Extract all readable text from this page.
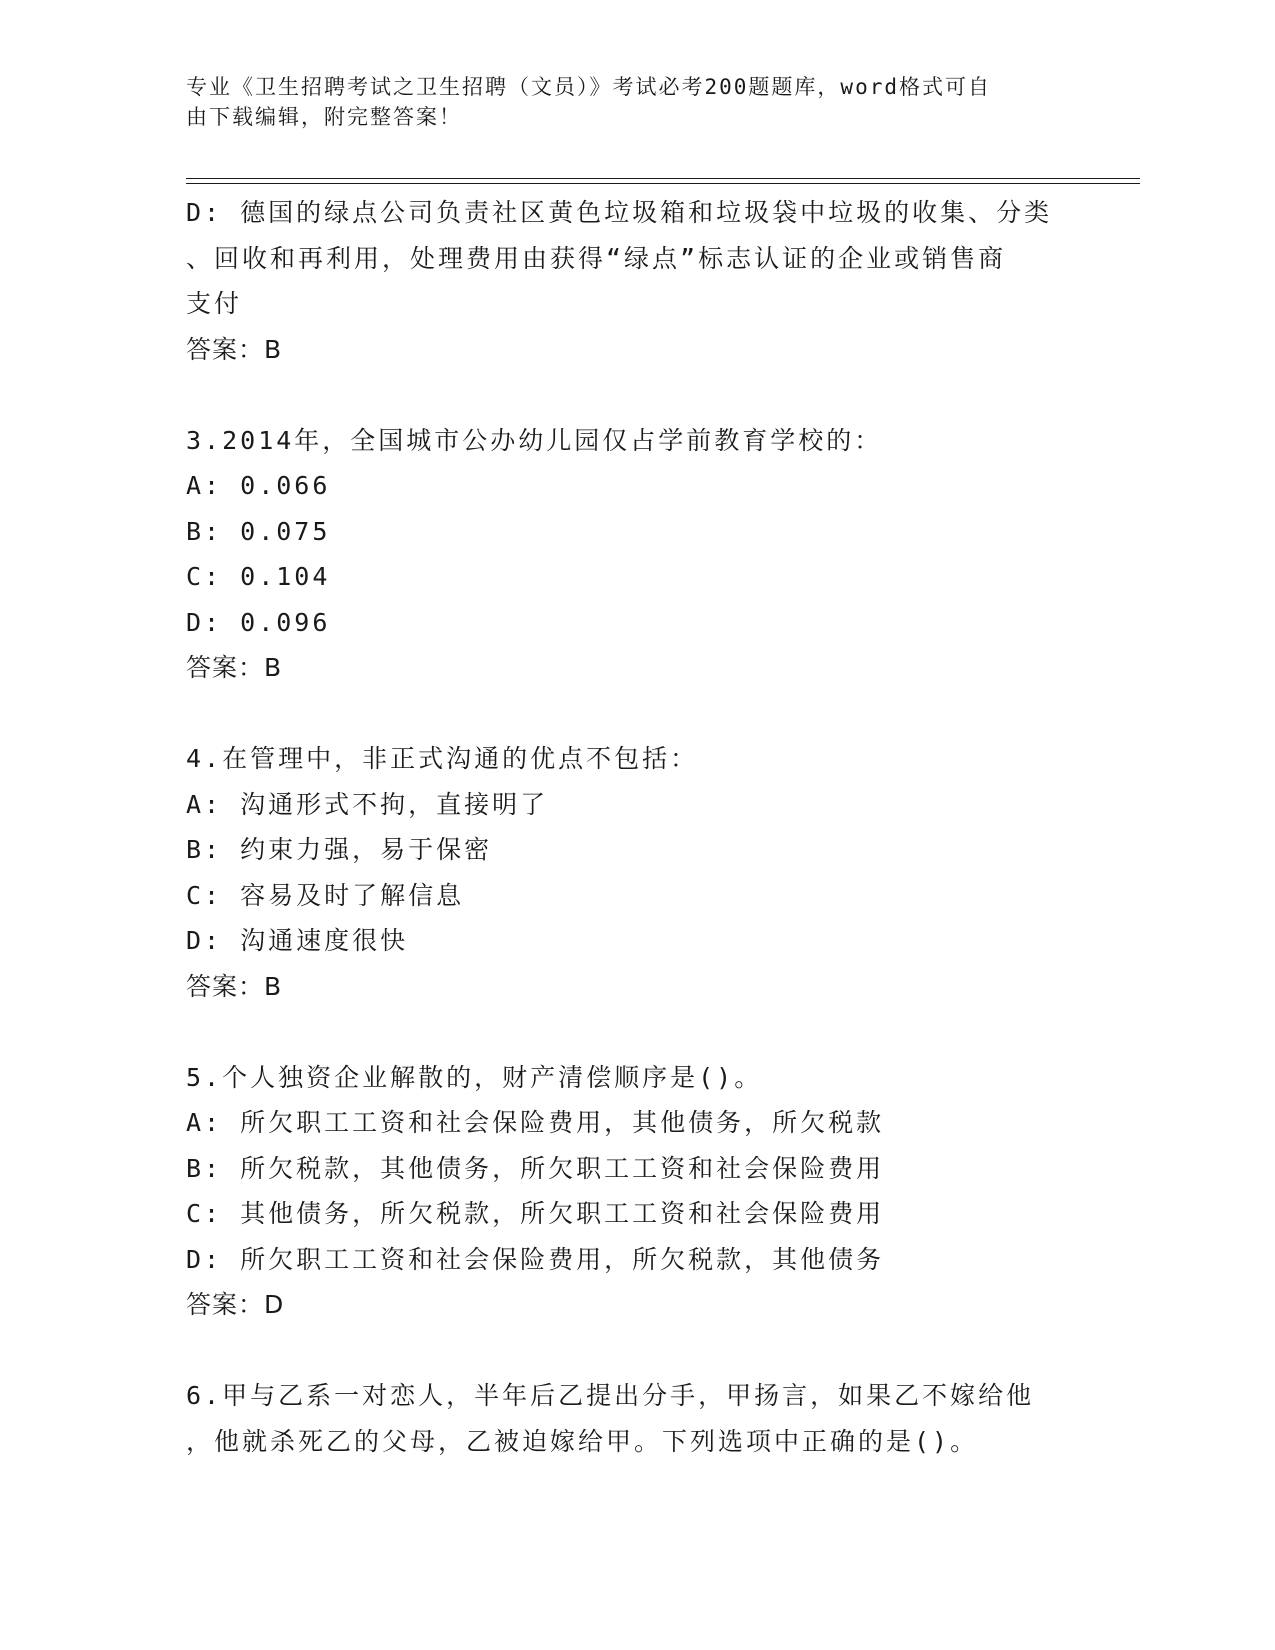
专业《卫生招聘考试之卫生招聘（文员）》考试必考200题题库，word格式可自
由下载编辑，附完整答案！
D: 德国的绿点公司负责社区黄色垃圾箱和垃圾袋中垃圾的收集、分类
、回收和再利用，处理费用由获得“绿点”标志认证的企业或销售商
支付
答案：B
3.2014年，全国城市公办幼儿园仅占学前教育学校的：
A: 0.066
B: 0.075
C: 0.104
D: 0.096
答案：B
4.在管理中，非正式沟通的优点不包括：
A: 沟通形式不拘，直接明了
B: 约束力强，易于保密
C: 容易及时了解信息
D: 沟通速度很快
答案：B
5.个人独资企业解散的，财产清偿顺序是()。
A: 所欠职工工资和社会保险费用，其他债务，所欠税款
B: 所欠税款，其他债务，所欠职工工资和社会保险费用
C: 其他债务，所欠税款，所欠职工工资和社会保险费用
D: 所欠职工工资和社会保险费用，所欠税款，其他债务
答案：D
6.甲与乙系一对恋人，半年后乙提出分手，甲扬言，如果乙不嫁给他
，他就杀死乙的父母，乙被迫嫁给甲。下列选项中正确的是()。
